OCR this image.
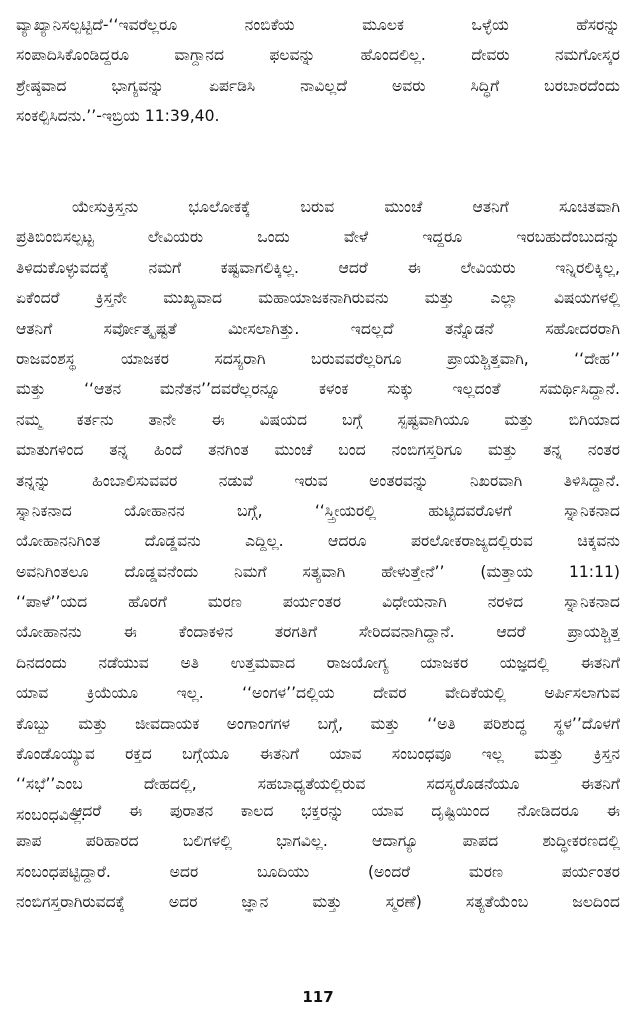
ವ್ಯಾಖ್ಯಾನಿಸಲ್ಪಟ್ಟಿದೆ-‘‘ಇವರೆಲ್ಲರೂ ನಂಬಿಕೆಯ ಮೂಲಕ ಒಳ್ಳೆಯ ಹೆಸರನ್ನು
ಸಂಪಾದಿಸಿಕೊಂಡಿದ್ದರೂ ವಾಗ್ದಾನದ ಫಲವನ್ನು ಹೊಂದಲಿಲ್ಲ. ದೇವರು ನಮಗೋಸ್ಕರ
ಶ್ರೇಷ್ಠವಾದ ಭಾಗ್ಯವನ್ನು ಏರ್ಪಡಿಸಿ ನಾವಿಲ್ಲದೆ ಅವರು ಸಿದ್ಧಿಗೆ ಬರಬಾರದೆಂದು
ಸಂಕಲ್ಪಿಸಿದನು.’’-ಇಬ್ರಿಯ 11:39,40.
ಯೇಸುಕ್ರಿಸ್ತನು ಭೂಲೋಕಕ್ಕೆ ಬರುವ ಮುಂಚೆ ಆತನಿಗೆ ಸೂಚಿತವಾಗಿ
ಪ್ರತಿಬಿಂಬಿಸಲ್ಪಟ್ಟ ಲೇವಿಯರು ಒಂದು ವೇಳೆ ಇದ್ದರೂ ಇರಬಹುದೆಂಬುದನ್ನು
ತಿಳಿದುಕೊಳ್ಳುವದಕ್ಕೆ ನಮಗೆ ಕಷ್ಟವಾಗಲಿಕ್ಕಿಲ್ಲ. ಆದರೆ ಈ ಲೇವಿಯರು ಇನ್ನಿರಲಿಕ್ಕಿಲ್ಲ,
ಏಕೆಂದರೆ ಕ್ರಿಸ್ತನೇ ಮುಖ್ಯವಾದ ಮಹಾಯಾಜಕನಾಗಿರುವನು ಮತ್ತು ಎಲ್ಲಾ ವಿಷಯಗಳಲ್ಲಿ
ಆತನಿಗೆ ಸರ್ವೋತ್ಕೃಷ್ಟತೆ ಮೀಸಲಾಗಿತ್ತು. ಇದಲ್ಲದೆ ತನ್ನೊಡನೆ ಸಹೋದರರಾಗಿ
ರಾಜವಂಶಸ್ಥ ಯಾಜಕರ ಸದಸ್ಯರಾಗಿ ಬರುವವರೆಲ್ಲರಿಗೂ ಪ್ರಾಯಶ್ಚಿತ್ತವಾಗಿ, ‘‘ದೇಹ’’
ಮತ್ತು ‘‘ಆತನ ಮನೆತನ’’ದವರೆಲ್ಲರನ್ನೂ ಕಳಂಕ ಸುಕ್ಕು ಇಲ್ಲದಂತೆ ಸಮರ್ಥಿಸಿದ್ದಾನೆ.
ನಮ್ಮ ಕರ್ತನು ತಾನೇ ಈ ವಿಷಯದ ಬಗ್ಗೆ ಸ್ಪಷ್ಟವಾಗಿಯೂ ಮತ್ತು ಬಿಗಿಯಾದ
ಮಾತುಗಳಿಂದ ತನ್ನ ಹಿಂದೆ ತನಗಿಂತ ಮುಂಚೆ ಬಂದ ನಂಬಿಗಸ್ತರಿಗೂ ಮತ್ತು ತನ್ನ ನಂತರ
ತನ್ನನ್ನು ಹಿಂಬಾಲಿಸುವವರ ನಡುವೆ ಇರುವ ಅಂತರವನ್ನು ನಿಖರವಾಗಿ ತಿಳಿಸಿದ್ದಾನೆ.
ಸ್ನಾನಿಕನಾದ ಯೋಹಾನನ ಬಗ್ಗೆ, ‘‘ಸ್ತ್ರೀಯರಲ್ಲಿ ಹುಟ್ಟಿದವರೊಳಗೆ ಸ್ನಾನಿಕನಾದ
ಯೋಹಾನನಿಗಿಂತ ದೊಡ್ಡವನು ಎದ್ದಿಲ್ಲ. ಆದರೂ ಪರಲೋಕರಾಜ್ಯದಲ್ಲಿರುವ ಚಿಕ್ಕವನು
ಅವನಿಗಿಂತಲೂ ದೊಡ್ಡವನೆಂದು ನಿಮಗೆ ಸತ್ಯವಾಗಿ ಹೇಳುತ್ತೇನೆ’’ (ಮತ್ತಾಯ 11:11)
‘‘ಪಾಳೆ’’ಯದ ಹೊರಗೆ ಮರಣ ಪರ್ಯಂತರ ವಿಧೇಯನಾಗಿ ನರಳಿದ ಸ್ನಾನಿಕನಾದ
ಯೋಹಾನನು ಈ ಕೆಂದಾಕಳಿನ ತರಗತಿಗೆ ಸೇರಿದವನಾಗಿದ್ದಾನೆ. ಆದರೆ ಪ್ರಾಯಶ್ಚಿತ್ತ
ದಿನದಂದು ನಡೆಯುವ ಅತಿ ಉತ್ತಮವಾದ ರಾಜಯೋಗ್ಯ ಯಾಜಕರ ಯಜ್ಞದಲ್ಲಿ ಈತನಿಗೆ
ಯಾವ ಕ್ರಿಯೆಯೂ ಇಲ್ಲ. ‘‘ಅಂಗಳ’’ದಲ್ಲಿಯ ದೇವರ ವೇದಿಕೆಯಲ್ಲಿ ಅರ್ಪಿಸಲಾಗುವ
ಕೊಬ್ಬು ಮತ್ತು ಜೀವದಾಯಕ ಅಂಗಾಂಗಗಳ ಬಗ್ಗೆ, ಮತ್ತು ‘‘ಅತಿ ಪರಿಶುದ್ಧ ಸ್ಥಳ’’ದೊಳಗೆ
ಕೊಂಡೊಯ್ಯುವ ರಕ್ತದ ಬಗ್ಗೆಯೂ ಈತನಿಗೆ ಯಾವ ಸಂಬಂಧವೂ ಇಲ್ಲ ಮತ್ತು ಕ್ರಿಸ್ತನ
‘‘ಸಭೆ’’ಎಂಬ ದೇಹದಲ್ಲಿ, ಸಹಬಾಧ್ಯತೆಯಲ್ಲಿರುವ ಸದಸ್ಯರೊಡನೆಯೂ ಈತನಿಗೆ
ಸಂಬಂಧವಿಲ್ಲ.
ಆದರೆ ಈ ಪುರಾತನ ಕಾಲದ ಭಕ್ತರನ್ನು ಯಾವ ದೃಷ್ಟಿಯಿಂದ ನೋಡಿದರೂ ಈ
ಪಾಪ ಪರಿಹಾರದ ಬಲಿಗಳಲ್ಲಿ ಭಾಗವಿಲ್ಲ. ಆದಾಗ್ಯೂ ಪಾಪದ ಶುದ್ಧೀಕರಣದಲ್ಲಿ
ಸಂಬಂಧಪಟ್ಟಿದ್ದಾರೆ. ಅದರ ಬೂದಿಯು (ಅಂದರೆ ಮರಣ ಪರ್ಯಂತರ
ನಂಬಿಗಸ್ತರಾಗಿರುವದಕ್ಕೆ ಅದರ ಜ್ಞಾನ ಮತ್ತು ಸ್ಮರಣೆ) ಸತ್ಯತೆಯೆಂಬ ಜಲದಿಂದ
117
